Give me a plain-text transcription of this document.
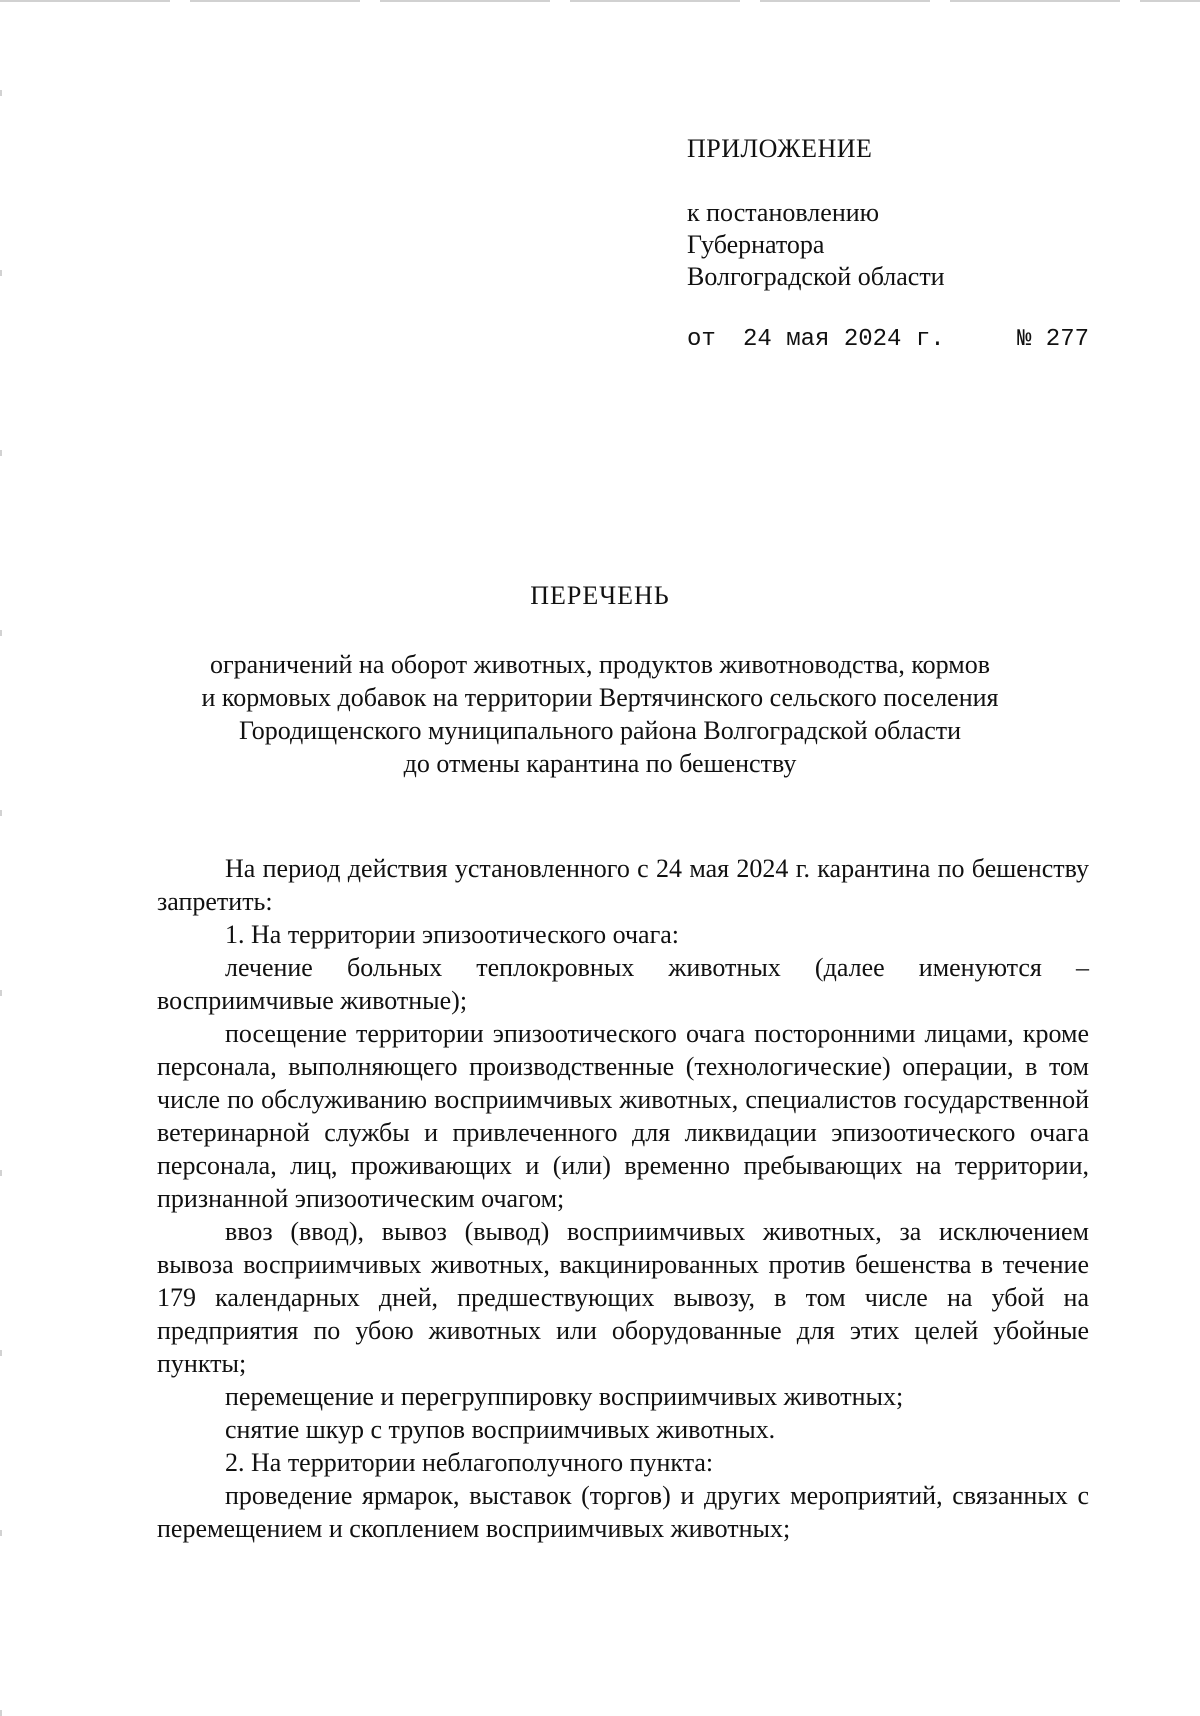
ПРИЛОЖЕНИЕ
к постановлению
Губернатора
Волгоградской области
от 24 мая 2024 г.	№ 277
ПЕРЕЧЕНЬ
ограничений на оборот животных, продуктов животноводства, кормов
и кормовых добавок на территории Вертячинского сельского поселения
Городищенского муниципального района Волгоградской области
до отмены карантина по бешенству

На период действия установленного с 24 мая 2024 г. карантина по бешенству запретить:

1. На территории эпизоотического очага:

лечение больных теплокровных животных (далее именуются – восприимчивые животные);

посещение территории эпизоотического очага посторонними лицами, кроме персонала, выполняющего производственные (технологические) операции, в том числе по обслуживанию восприимчивых животных, специалистов государственной ветеринарной службы и привлеченного для ликвидации эпизоотического очага персонала, лиц, проживающих и (или) временно пребывающих на территории, признанной эпизоотическим очагом;

ввоз (ввод), вывоз (вывод) восприимчивых животных, за исключением вывоза восприимчивых животных, вакцинированных против бешенства в течение 179 календарных дней, предшествующих вывозу, в том числе на убой на предприятия по убою животных или оборудованные для этих целей убойные пункты;

перемещение и перегруппировку восприимчивых животных;

снятие шкур с трупов восприимчивых животных.

2. На территории неблагополучного пункта:

проведение ярмарок, выставок (торгов) и других мероприятий, связанных с перемещением и скоплением восприимчивых животных;
